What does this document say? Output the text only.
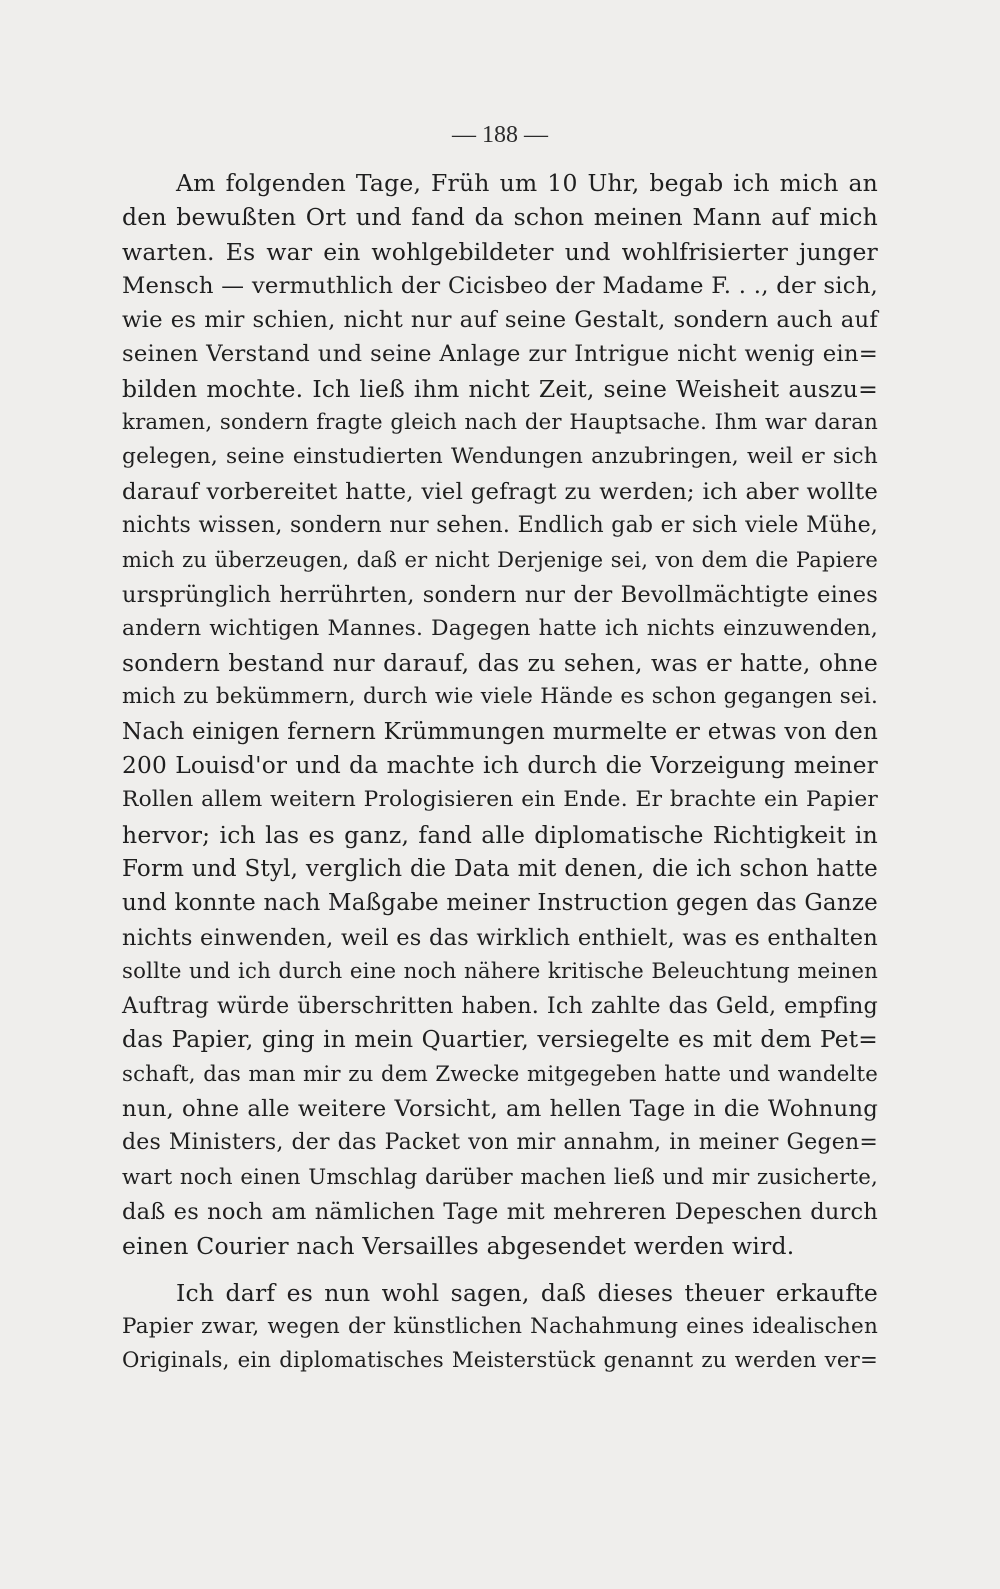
— 188 —
Am folgenden Tage, Früh um 10 Uhr, begab ich mich an
den bewußten Ort und fand da schon meinen Mann auf mich
warten. Es war ein wohlgebildeter und wohlfrisierter junger
Mensch — vermuthlich der Cicisbeo der Madame F. . ., der sich,
wie es mir schien, nicht nur auf seine Gestalt, sondern auch auf
seinen Verstand und seine Anlage zur Intrigue nicht wenig ein=
bilden mochte. Ich ließ ihm nicht Zeit, seine Weisheit auszu=
kramen, sondern fragte gleich nach der Hauptsache. Ihm war daran
gelegen, seine einstudierten Wendungen anzubringen, weil er sich
darauf vorbereitet hatte, viel gefragt zu werden; ich aber wollte
nichts wissen, sondern nur sehen. Endlich gab er sich viele Mühe,
mich zu überzeugen, daß er nicht Derjenige sei, von dem die Papiere
ursprünglich herrührten, sondern nur der Bevollmächtigte eines
andern wichtigen Mannes. Dagegen hatte ich nichts einzuwenden,
sondern bestand nur darauf, das zu sehen, was er hatte, ohne
mich zu bekümmern, durch wie viele Hände es schon gegangen sei.
Nach einigen fernern Krümmungen murmelte er etwas von den
200 Louisd'or und da machte ich durch die Vorzeigung meiner
Rollen allem weitern Prologisieren ein Ende. Er brachte ein Papier
hervor; ich las es ganz, fand alle diplomatische Richtigkeit in
Form und Styl, verglich die Data mit denen, die ich schon hatte
und konnte nach Maßgabe meiner Instruction gegen das Ganze
nichts einwenden, weil es das wirklich enthielt, was es enthalten
sollte und ich durch eine noch nähere kritische Beleuchtung meinen
Auftrag würde überschritten haben. Ich zahlte das Geld, empfing
das Papier, ging in mein Quartier, versiegelte es mit dem Pet=
schaft, das man mir zu dem Zwecke mitgegeben hatte und wandelte
nun, ohne alle weitere Vorsicht, am hellen Tage in die Wohnung
des Ministers, der das Packet von mir annahm, in meiner Gegen=
wart noch einen Umschlag darüber machen ließ und mir zusicherte,
daß es noch am nämlichen Tage mit mehreren Depeschen durch
einen Courier nach Versailles abgesendet werden wird.
Ich darf es nun wohl sagen, daß dieses theuer erkaufte
Papier zwar, wegen der künstlichen Nachahmung eines idealischen
Originals, ein diplomatisches Meisterstück genannt zu werden ver=
